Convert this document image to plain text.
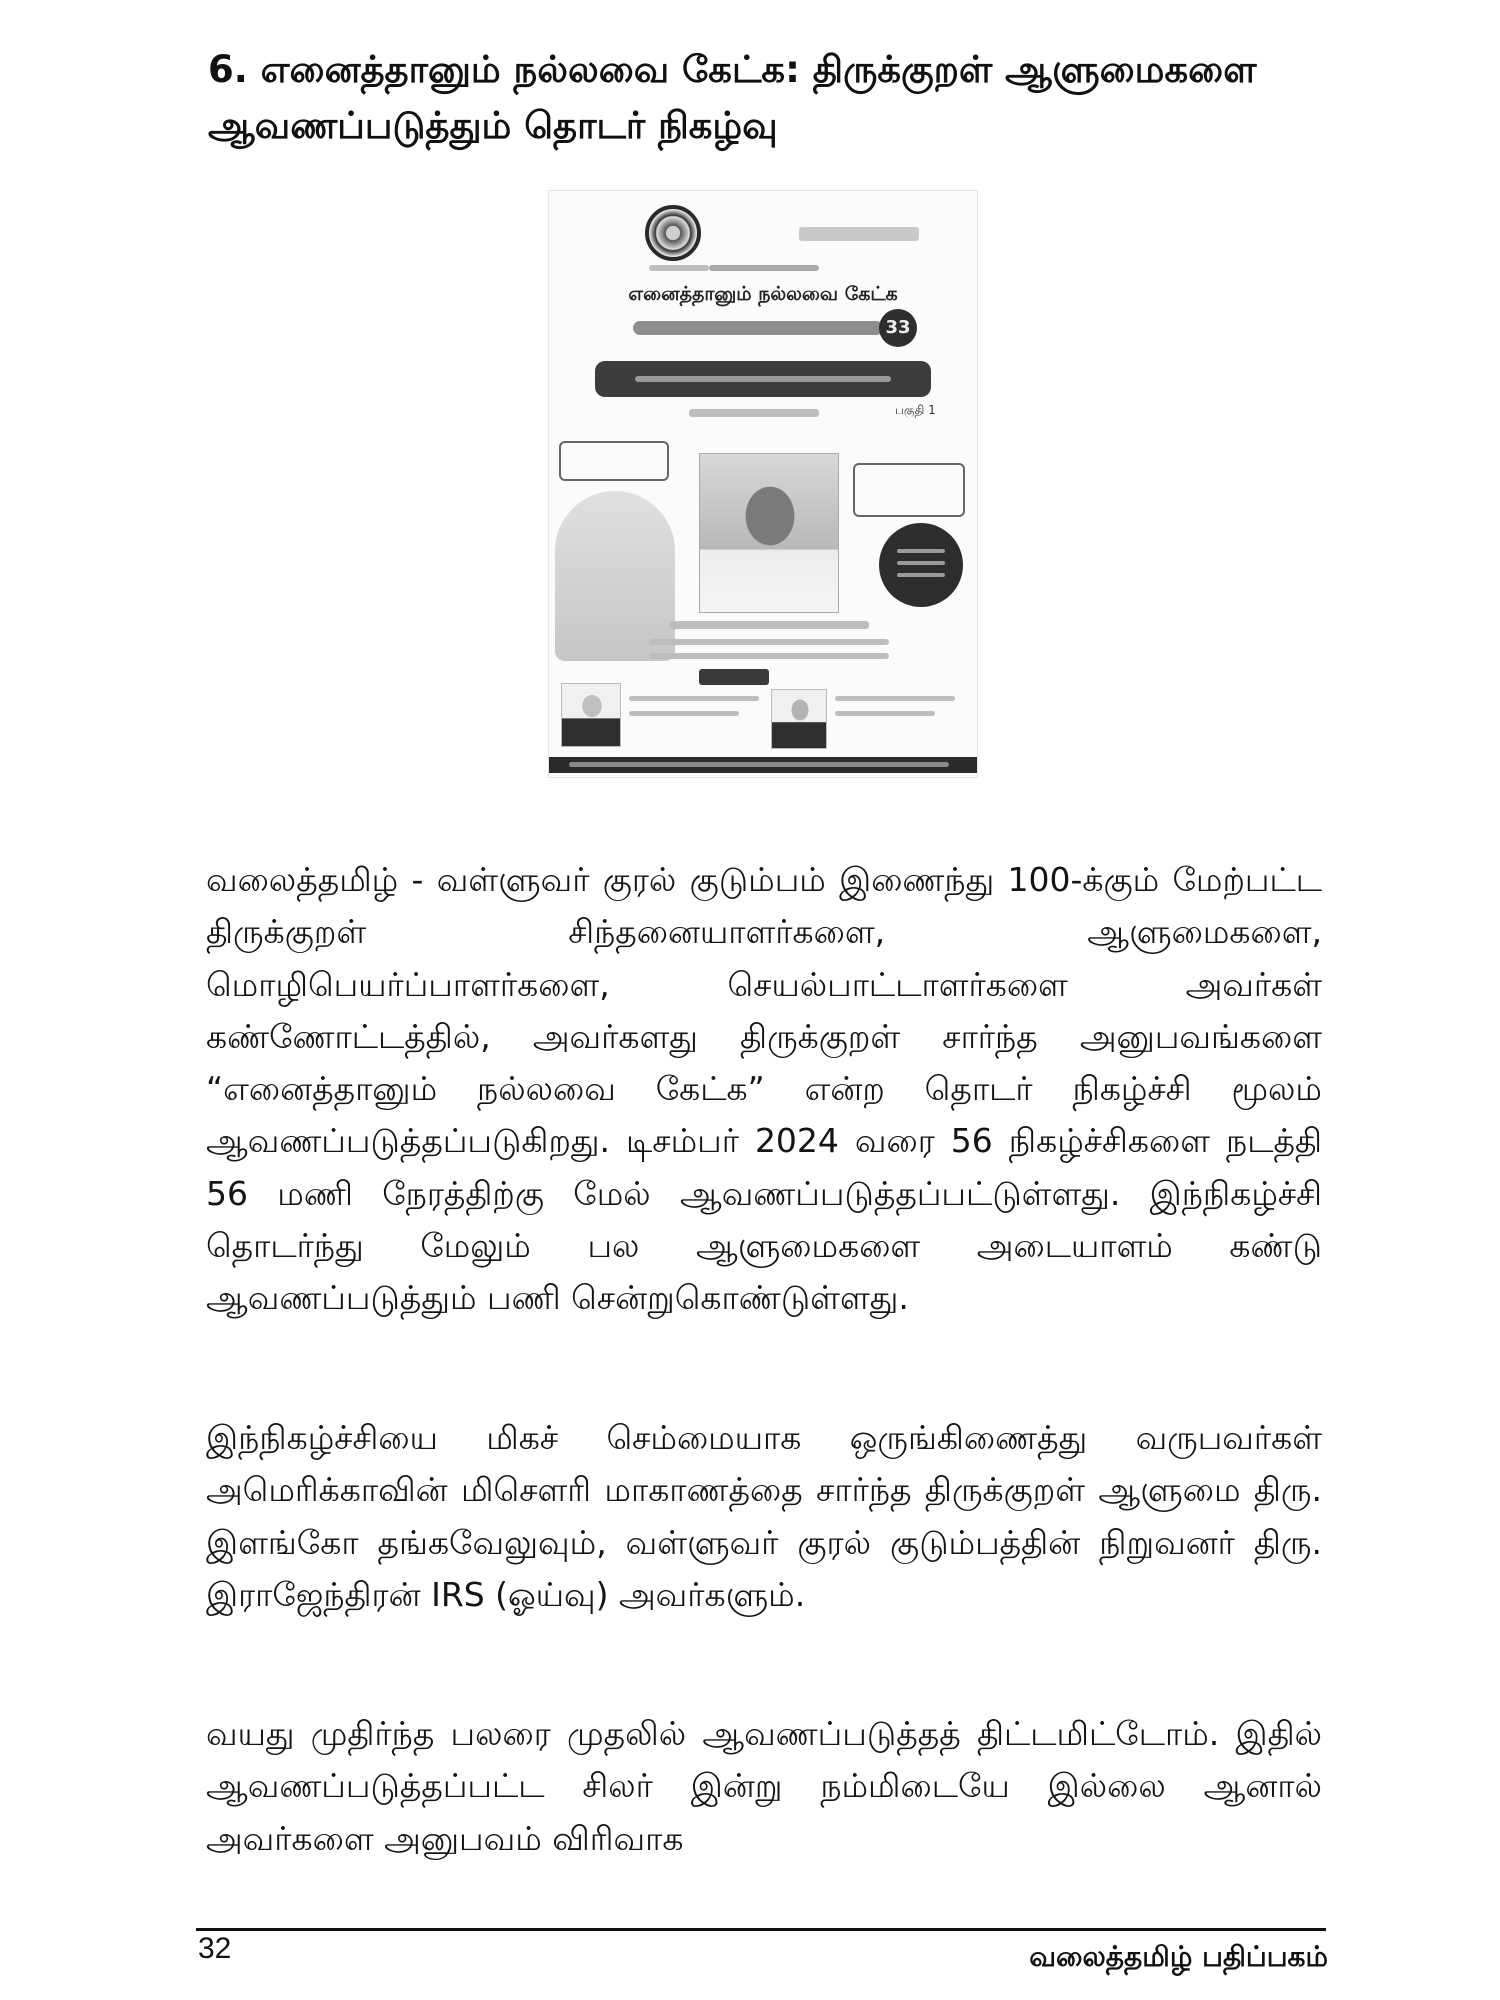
6. எனைத்தானும் நல்லவை கேட்க: திருக்குறள் ஆளுமைகளை ஆவணப்படுத்தும் தொடர் நிகழ்வு
எனைத்தானும் நல்லவை கேட்க
33
பகுதி 1

வலைத்தமிழ் - வள்ளுவர் குரல் குடும்பம் இணைந்து 100-க்கும் மேற்பட்ட திருக்குறள் சிந்தனையாளர்களை, ஆளுமைகளை, மொழிபெயர்ப்பாளர்களை, செயல்பாட்டாளர்களை அவர்கள் கண்ணோட்டத்தில், அவர்களது திருக்குறள் சார்ந்த அனுபவங்களை “எனைத்தானும் நல்லவை கேட்க” என்ற தொடர் நிகழ்ச்சி மூலம் ஆவணப்படுத்தப்படுகிறது. டிசம்பர் 2024 வரை 56 நிகழ்ச்சிகளை நடத்தி 56 மணி நேரத்திற்கு மேல் ஆவணப்படுத்தப்பட்டுள்ளது. இந்நிகழ்ச்சி தொடர்ந்து மேலும் பல ஆளுமைகளை அடையாளம் கண்டு ஆவணப்படுத்தும் பணி சென்றுகொண்டுள்ளது.

இந்நிகழ்ச்சியை மிகச் செம்மையாக ஒருங்கிணைத்து வருபவர்கள் அமெரிக்காவின் மிசௌரி மாகாணத்தை சார்ந்த திருக்குறள் ஆளுமை திரு. இளங்கோ தங்கவேலுவும், வள்ளுவர் குரல் குடும்பத்தின் நிறுவனர் திரு. இராஜேந்திரன் IRS (ஓய்வு) அவர்களும்.

வயது முதிர்ந்த பலரை முதலில் ஆவணப்படுத்தத் திட்டமிட்டோம். இதில் ஆவணப்படுத்தப்பட்ட சிலர் இன்று நம்மிடையே இல்லை ஆனால் அவர்களை அனுபவம் விரிவாக

32	வலைத்தமிழ் பதிப்பகம்
